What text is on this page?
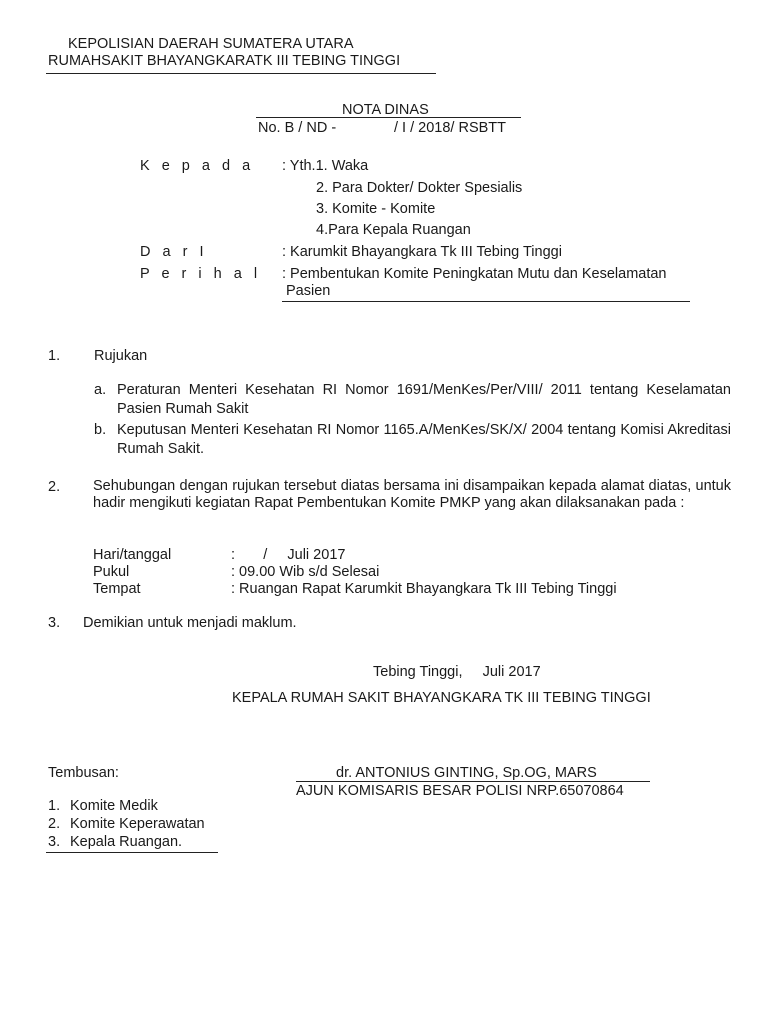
KEPOLISIAN DAERAH SUMATERA UTARA
RUMAHSAKIT BHAYANGKARATK III TEBING TINGGI
NOTA DINAS
No. B / ND -	/ I / 2018/ RSBTT
K e p a d a : Yth.1. Waka
2. Para Dokter/ Dokter Spesialis
3. Komite - Komite
4.Para Kepala Ruangan
D a r I	: Karumkit Bhayangkara Tk III Tebing Tinggi
P e r i h a l : Pembentukan Komite Peningkatan Mutu dan Keselamatan
Pasien
1. Rujukan
a. Peraturan Menteri Kesehatan RI Nomor 1691/MenKes/Per/VIII/ 2011 tentang Keselamatan Pasien Rumah Sakit
b. Keputusan Menteri Kesehatan RI Nomor 1165.A/MenKes/SK/X/ 2004 tentang Komisi Akreditasi Rumah Sakit.
2. Sehubungan dengan rujukan tersebut diatas bersama ini disampaikan kepada alamat diatas, untuk hadir mengikuti kegiatan Rapat Pembentukan Komite PMKP yang akan dilaksanakan pada :
Hari/tanggal	:       /     Juli 2017
Pukul	: 09.00 Wib s/d Selesai
Tempat	: Ruangan Rapat Karumkit Bhayangkara Tk III Tebing Tinggi
3. Demikian untuk menjadi maklum.
Tebing Tinggi,     Juli 2017
KEPALA RUMAH SAKIT BHAYANGKARA TK III TEBING TINGGI
dr. ANTONIUS GINTING, Sp.OG, MARS
AJUN KOMISARIS BESAR POLISI NRP.65070864
Tembusan:
1. Komite Medik
2. Komite Keperawatan
3. Kepala Ruangan.
